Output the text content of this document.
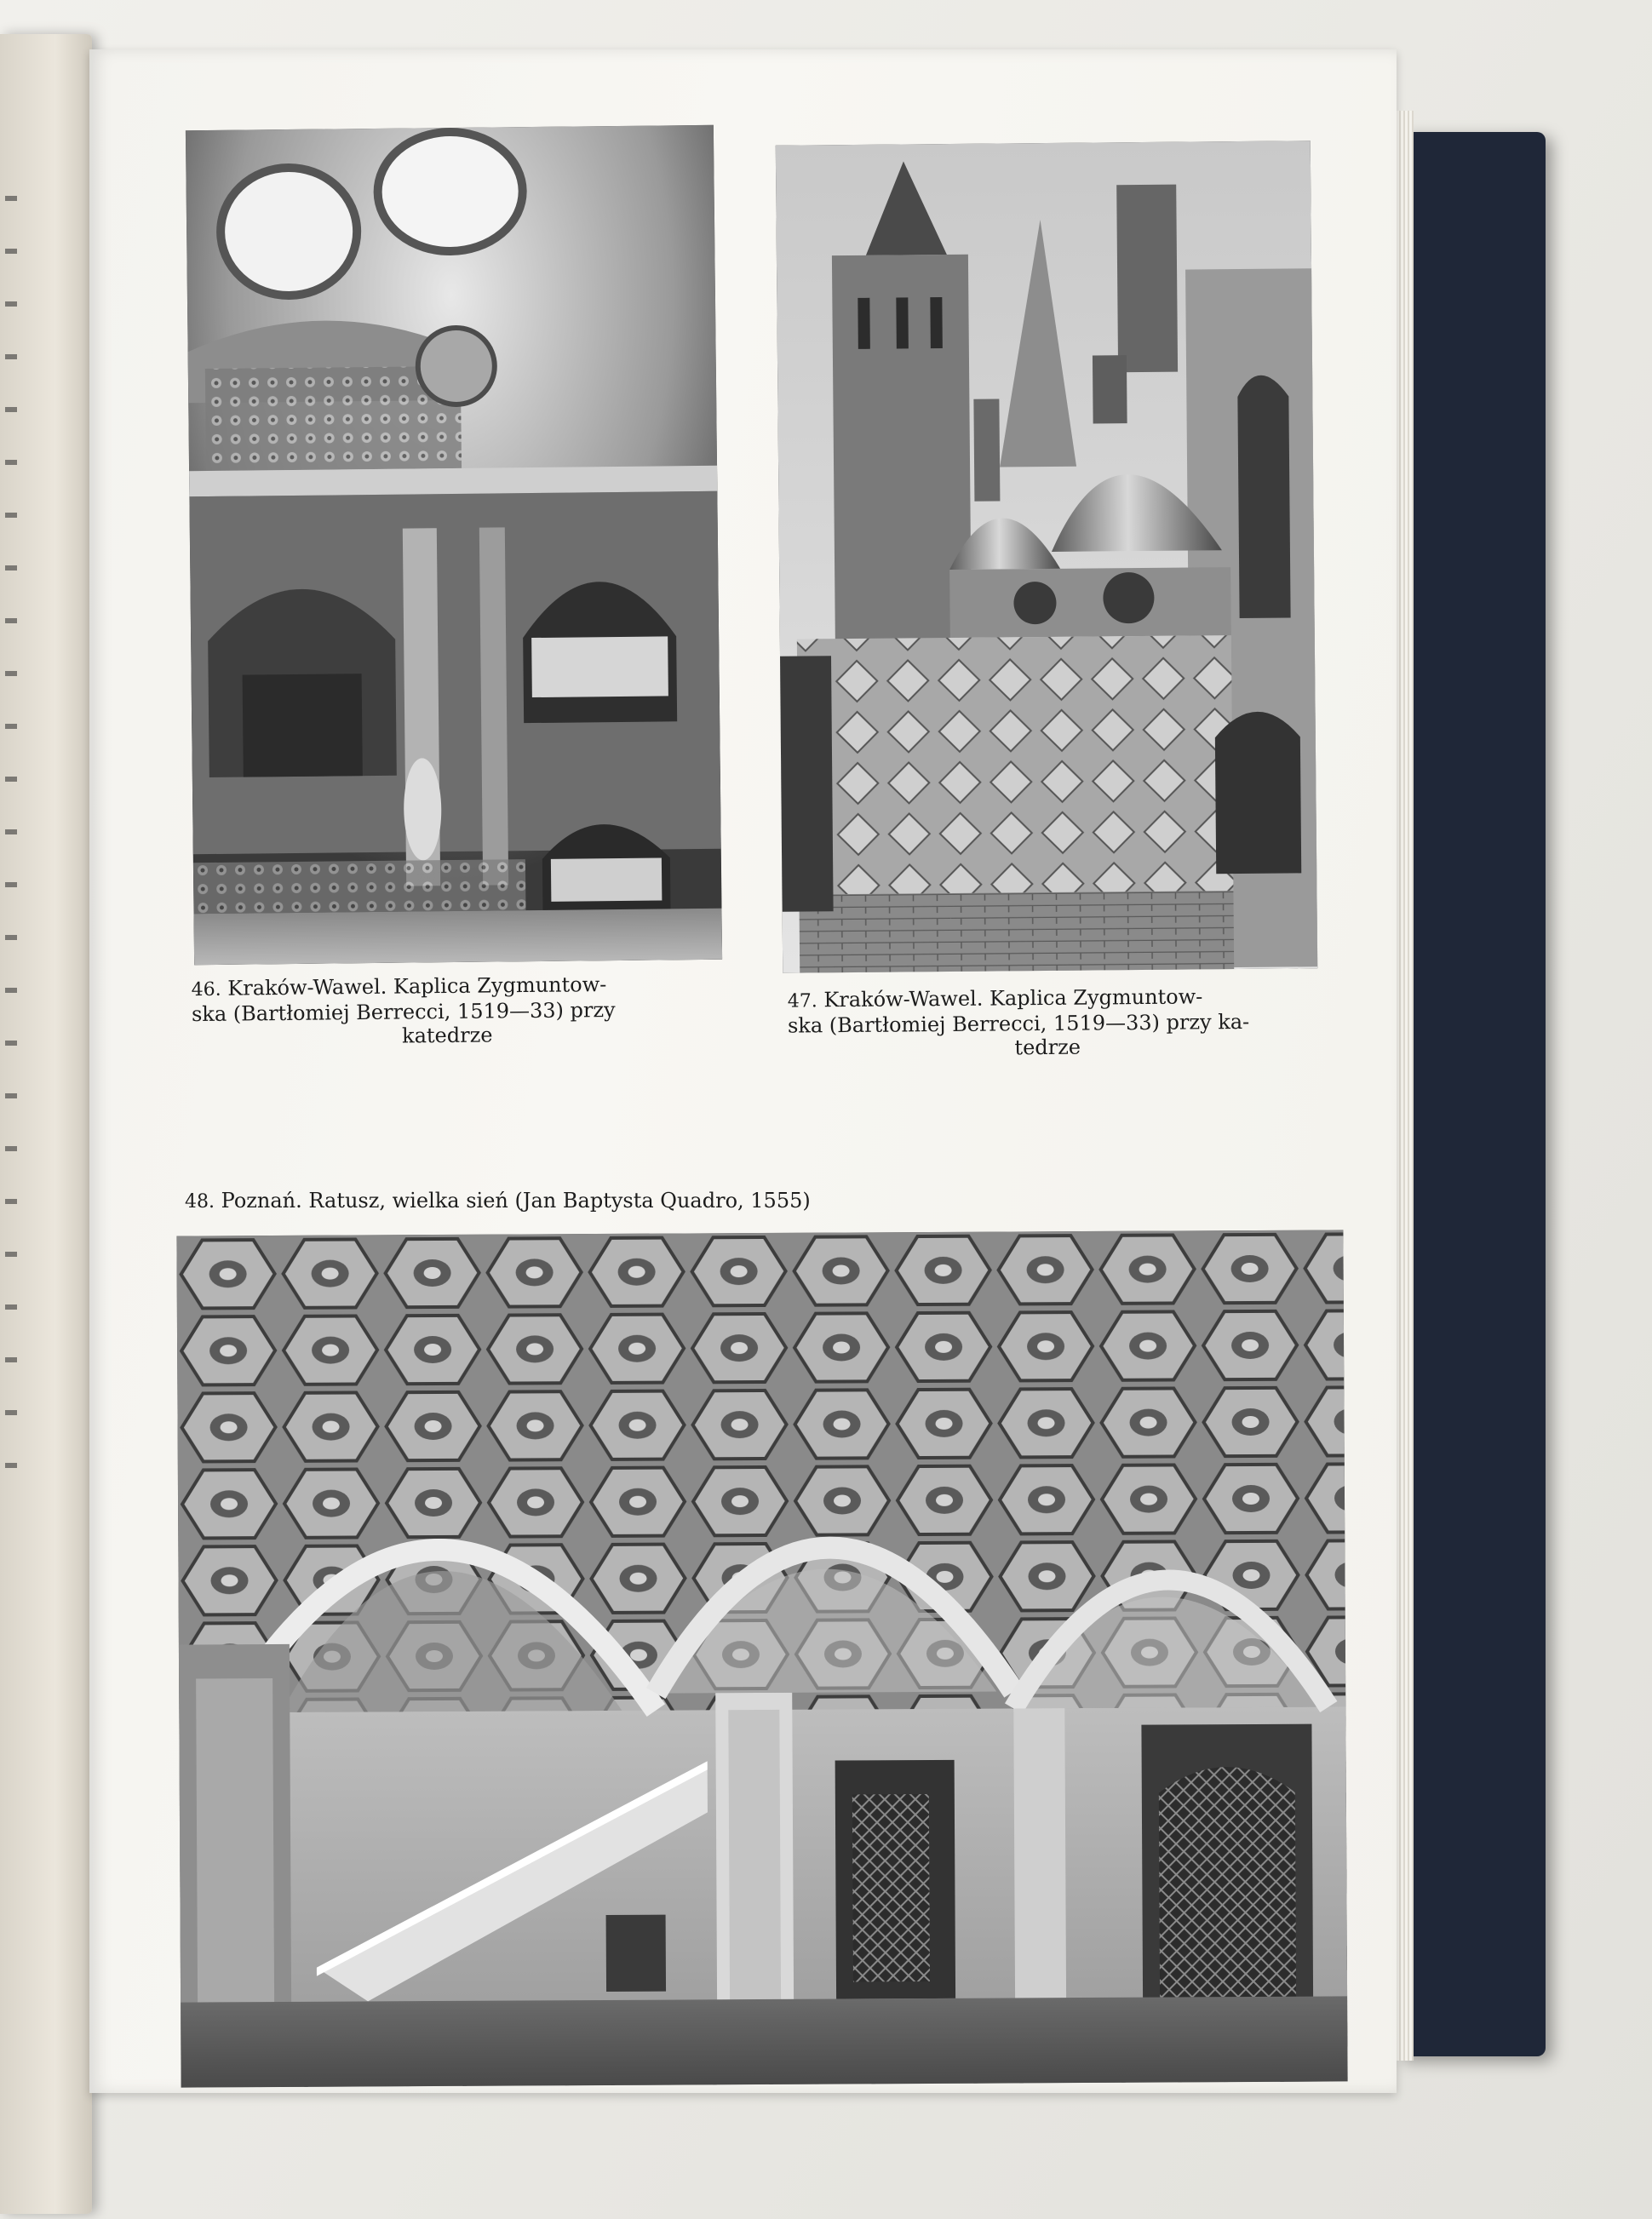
46. Kraków-Wawel. Kaplica Zygmuntow-
ska (Bartłomiej Berrecci, 1519—33) przy
katedrze
47. Kraków-Wawel. Kaplica Zygmuntow-
ska (Bartłomiej Berrecci, 1519—33) przy ka-
tedrze
48. Poznań. Ratusz, wielka sień (Jan Baptysta Quadro, 1555)
